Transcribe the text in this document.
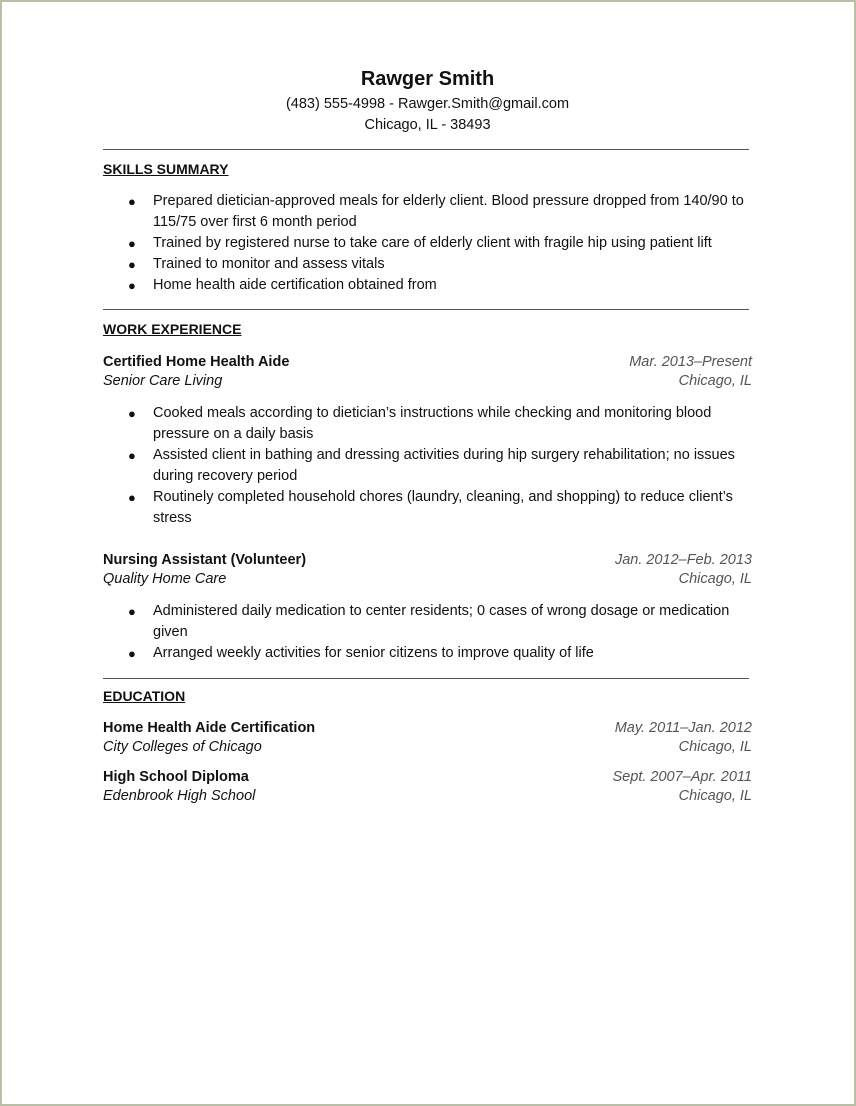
Rawger Smith
(483) 555-4998 - Rawger.Smith@gmail.com
Chicago, IL - 38493
SKILLS SUMMARY
● Prepared dietician-approved meals for elderly client. Blood pressure dropped from 140/90 to 115/75 over first 6 month period
● Trained by registered nurse to take care of elderly client with fragile hip using patient lift
● Trained to monitor and assess vitals
● Home health aide certification obtained from
WORK EXPERIENCE
Certified Home Health Aide	Mar. 2013–Present
Senior Care Living	Chicago, IL
● Cooked meals according to dietician’s instructions while checking and monitoring blood pressure on a daily basis
● Assisted client in bathing and dressing activities during hip surgery rehabilitation; no issues during recovery period
● Routinely completed household chores (laundry, cleaning, and shopping) to reduce client’s stress
Nursing Assistant (Volunteer)	Jan. 2012–Feb. 2013
Quality Home Care	Chicago, IL
● Administered daily medication to center residents; 0 cases of wrong dosage or medication given
● Arranged weekly activities for senior citizens to improve quality of life
EDUCATION
Home Health Aide Certification	May. 2011–Jan. 2012
City Colleges of Chicago	Chicago, IL
High School Diploma	Sept. 2007–Apr. 2011
Edenbrook High School	Chicago, IL
